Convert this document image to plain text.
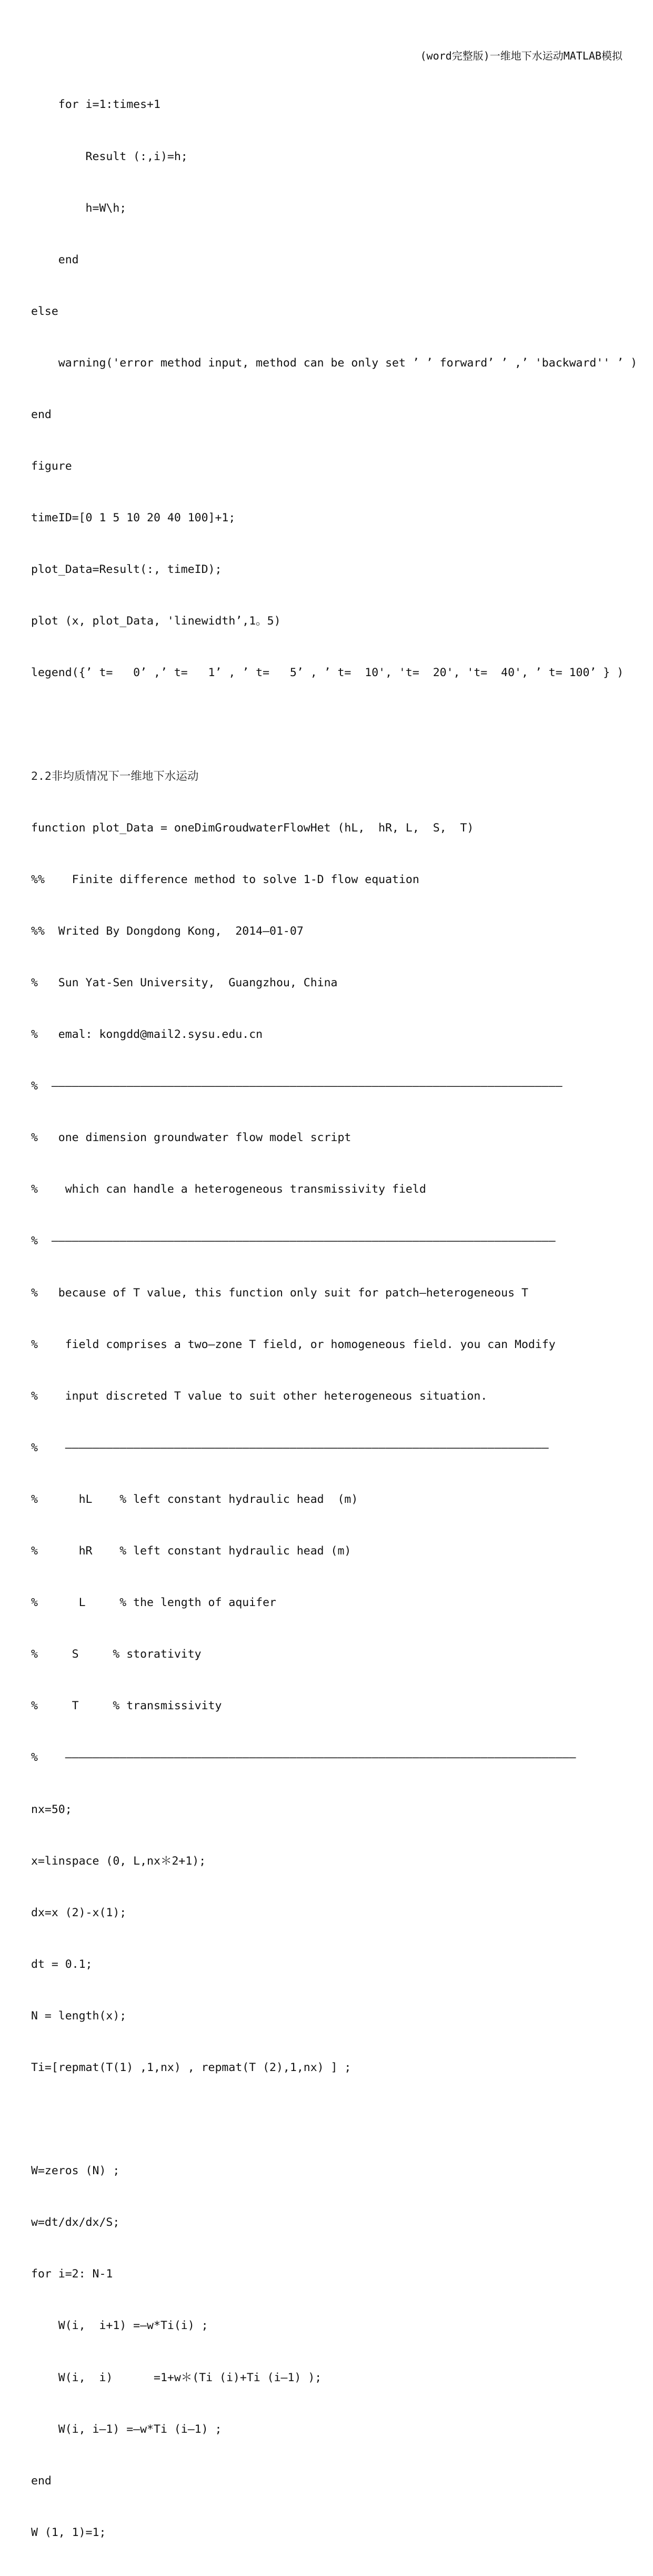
(word完整版)一维地下水运动MATLAB模拟

for i=1:times+1

Result (:,i)=h;

h=W\h;

end

else

warning('error method input, method can be only set ’ ’ forward’ ’ ,’ 'backward'' ’ )

end

figure

timeID=[0 1 5 10 20 40 100]+1;

plot_Data=Result(:, timeID);

plot (x, plot_Data, 'linewidth’,1。5)

legend({’ t=   0’ ,’ t=   1’ , ’ t=   5’ , ’ t=  10', 't=  20', 't=  40', ’ t= 100’ } )

2.2非均质情况下一维地下水运动

function plot_Data = oneDimGroudwaterFlowHet (hL,  hR, L,  S,  T)

%%    Finite difference method to solve 1-D flow equation

%%  Writed By Dongdong Kong,  2014—01-07

%   Sun Yat-Sen University,  Guangzhou, China

%   emal: kongdd@mail2.sysu.edu.cn

%  ———————————————————————————————————————————————————————————————————————————

%   one dimension groundwater flow model script

%    which can handle a heterogeneous transmissivity field

%  ——————————————————————————————————————————————————————————————————————————

%   because of T value, this function only suit for patch—heterogeneous T

%    field comprises a two—zone T field, or homogeneous field. you can Modify

%    input discreted T value to suit other heterogeneous situation.

%    ———————————————————————————————————————————————————————————————————————

%      hL    % left constant hydraulic head  (m)

%      hR    % left constant hydraulic head (m)

%      L     % the length of aquifer

%     S     % storativity

%     T     % transmissivity

%    ———————————————————————————————————————————————————————————————————————————

nx=50;

x=linspace (0, L,nx＊2+1);

dx=x (2)-x(1);

dt = 0.1;

N = length(x);

Ti=[repmat(T(1) ,1,nx) , repmat(T (2),1,nx) ] ;

W=zeros (N) ;

w=dt/dx/dx/S;

for i=2: N-1

W(i,  i+1) =—w*Ti(i) ;

W(i,  i)      =1+w＊(Ti (i)+Ti (i—1) );

W(i, i—1) =—w*Ti (i—1) ;

end

W (1, 1)=1;
